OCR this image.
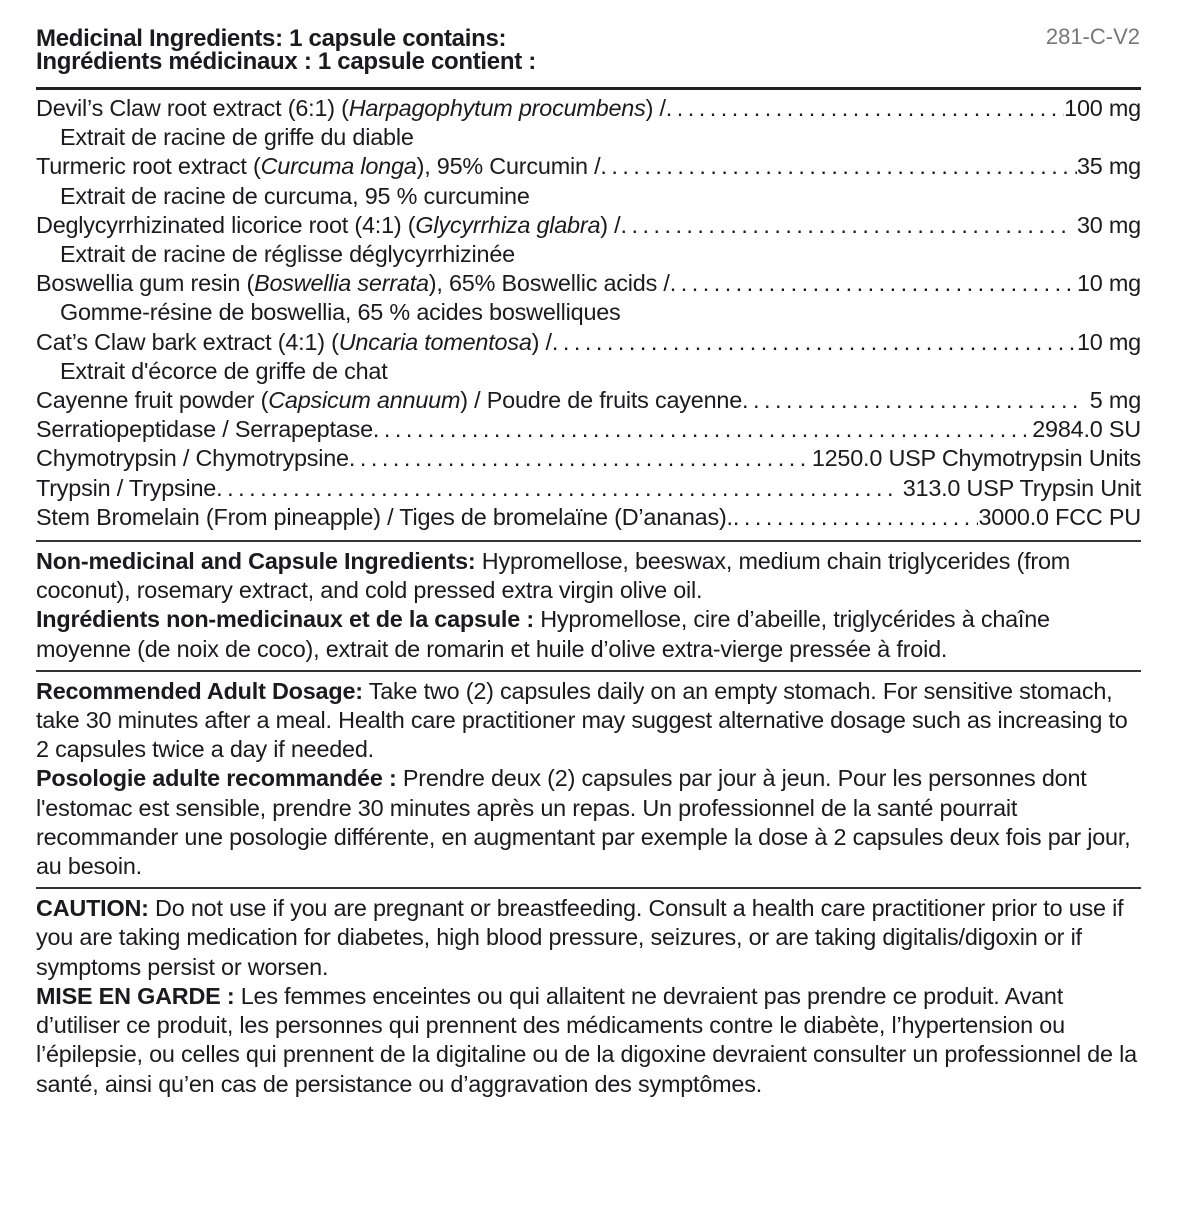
281-C-V2
Medicinal Ingredients: 1 capsule contains:
Ingrédients médicinaux : 1 capsule contient :
Devil’s Claw root extract (6:1) (Harpagophytum procumbens) / . . .	100 mg
Extrait de racine de griffe du diable
Turmeric root extract (Curcuma longa), 95% Curcumin / . . .	35 mg
Extrait de racine de curcuma, 95 % curcumine
Deglycyrrhizinated licorice root (4:1) (Glycyrrhiza glabra) / . . .	30 mg
Extrait de racine de réglisse déglycyrrhizinée
Boswellia gum resin (Boswellia serrata), 65% Boswellic acids / . . .	10 mg
Gomme-résine de boswellia, 65 % acides boswelliques
Cat’s Claw bark extract (4:1) (Uncaria tomentosa) / . . .	10 mg
Extrait d'écorce de griffe de chat
Cayenne fruit powder (Capsicum annuum) / Poudre de fruits cayenne . . .	5 mg
Serratiopeptidase / Serrapeptase . . .	2984.0 SU
Chymotrypsin / Chymotrypsine . . .	1250.0 USP Chymotrypsin Units
Trypsin / Trypsine . . .	313.0 USP Trypsin Unit
Stem Bromelain (From pineapple) / Tiges de bromelaïne (D’ananas). . . .	3000.0 FCC PU
Non-medicinal and Capsule Ingredients: Hypromellose, beeswax, medium chain triglycerides (from coconut), rosemary extract, and cold pressed extra virgin olive oil.
Ingrédients non-medicinaux et de la capsule : Hypromellose, cire d’abeille, triglycérides à chaîne moyenne (de noix de coco), extrait de romarin et huile d’olive extra-vierge pressée à froid.
Recommended Adult Dosage: Take two (2) capsules daily on an empty stomach. For sensitive stomach, take 30 minutes after a meal. Health care practitioner may suggest alternative dosage such as increasing to 2 capsules twice a day if needed.
Posologie adulte recommandée : Prendre deux (2) capsules par jour à jeun. Pour les personnes dont l'estomac est sensible, prendre 30 minutes après un repas. Un professionnel de la santé pourrait recommander une posologie différente, en augmentant par exemple la dose à 2 capsules deux fois par jour, au besoin.
CAUTION: Do not use if you are pregnant or breastfeeding. Consult a health care practitioner prior to use if you are taking medication for diabetes, high blood pressure, seizures, or are taking digitalis/digoxin or if symptoms persist or worsen.
MISE EN GARDE : Les femmes enceintes ou qui allaitent ne devraient pas prendre ce produit. Avant d’utiliser ce produit, les personnes qui prennent des médicaments contre le diabète, l’hypertension ou l’épilepsie, ou celles qui prennent de la digitaline ou de la digoxine devraient consulter un professionnel de la santé, ainsi qu’en cas de persistance ou d’aggravation des symptômes.
